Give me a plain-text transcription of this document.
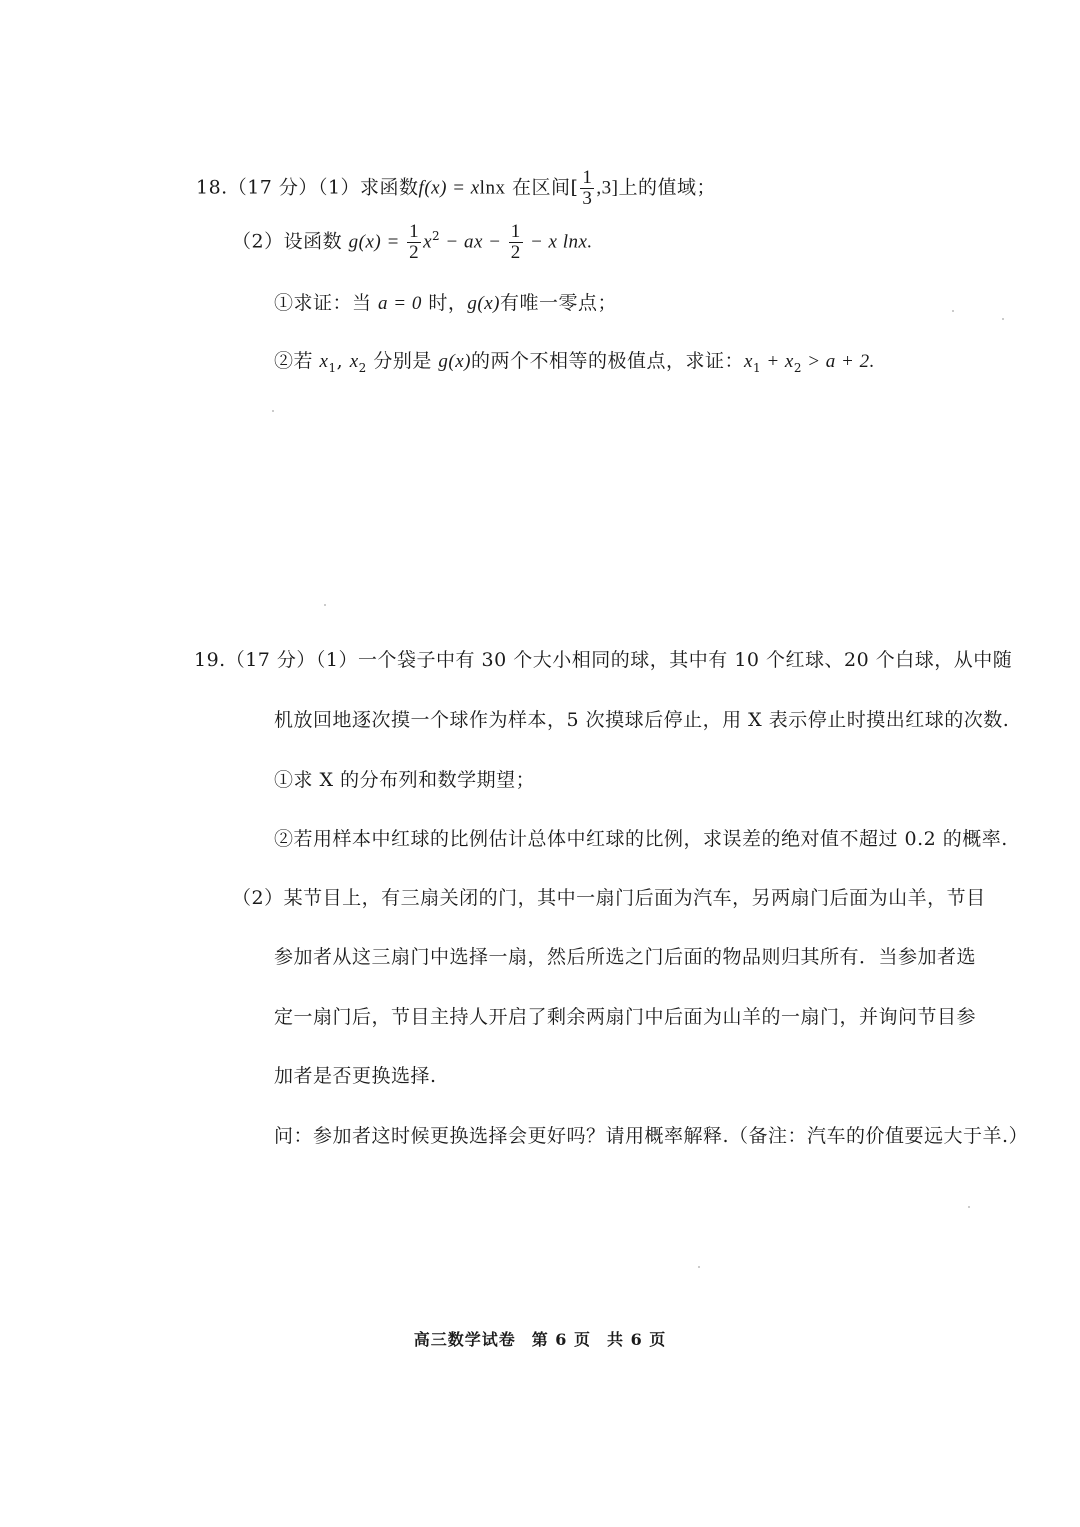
18.（17 分）（1）求函数f(x) = xlnx 在区间[ $\frac{1}{3} ,3$]上的值域；
（2）设函数 $g(x) = \frac{1}{2} x^2$ − ax − $\frac{1}{2} - x$ lnx.
①求证：当 a = 0 时，g(x)有唯一零点；
②若 $x_1$, $x_2$ 分别是 g(x)的两个不相等的极值点，求证：$x_1 + x_2 > a + 2$.
19.（17 分）（1）一个袋子中有 30 个大小相同的球，其中有 10 个红球、20 个白球，从中随
机放回地逐次摸一个球作为样本，5 次摸球后停止，用 X 表示停止时摸出红球的次数.
①求 X 的分布列和数学期望；
②若用样本中红球的比例估计总体中红球的比例，求误差的绝对值不超过 0.2 的概率.
（2）某节目上，有三扇关闭的门，其中一扇门后面为汽车，另两扇门后面为山羊，节目
参加者从这三扇门中选择一扇，然后所选之门后面的物品则归其所有．当参加者选
定一扇门后，节目主持人开启了剩余两扇门中后面为山羊的一扇门，并询问节目参
加者是否更换选择.
问：参加者这时候更换选择会更好吗？请用概率解释.（备注：汽车的价值要远大于羊.）
高三数学试卷 第 6 页 共 6 页
